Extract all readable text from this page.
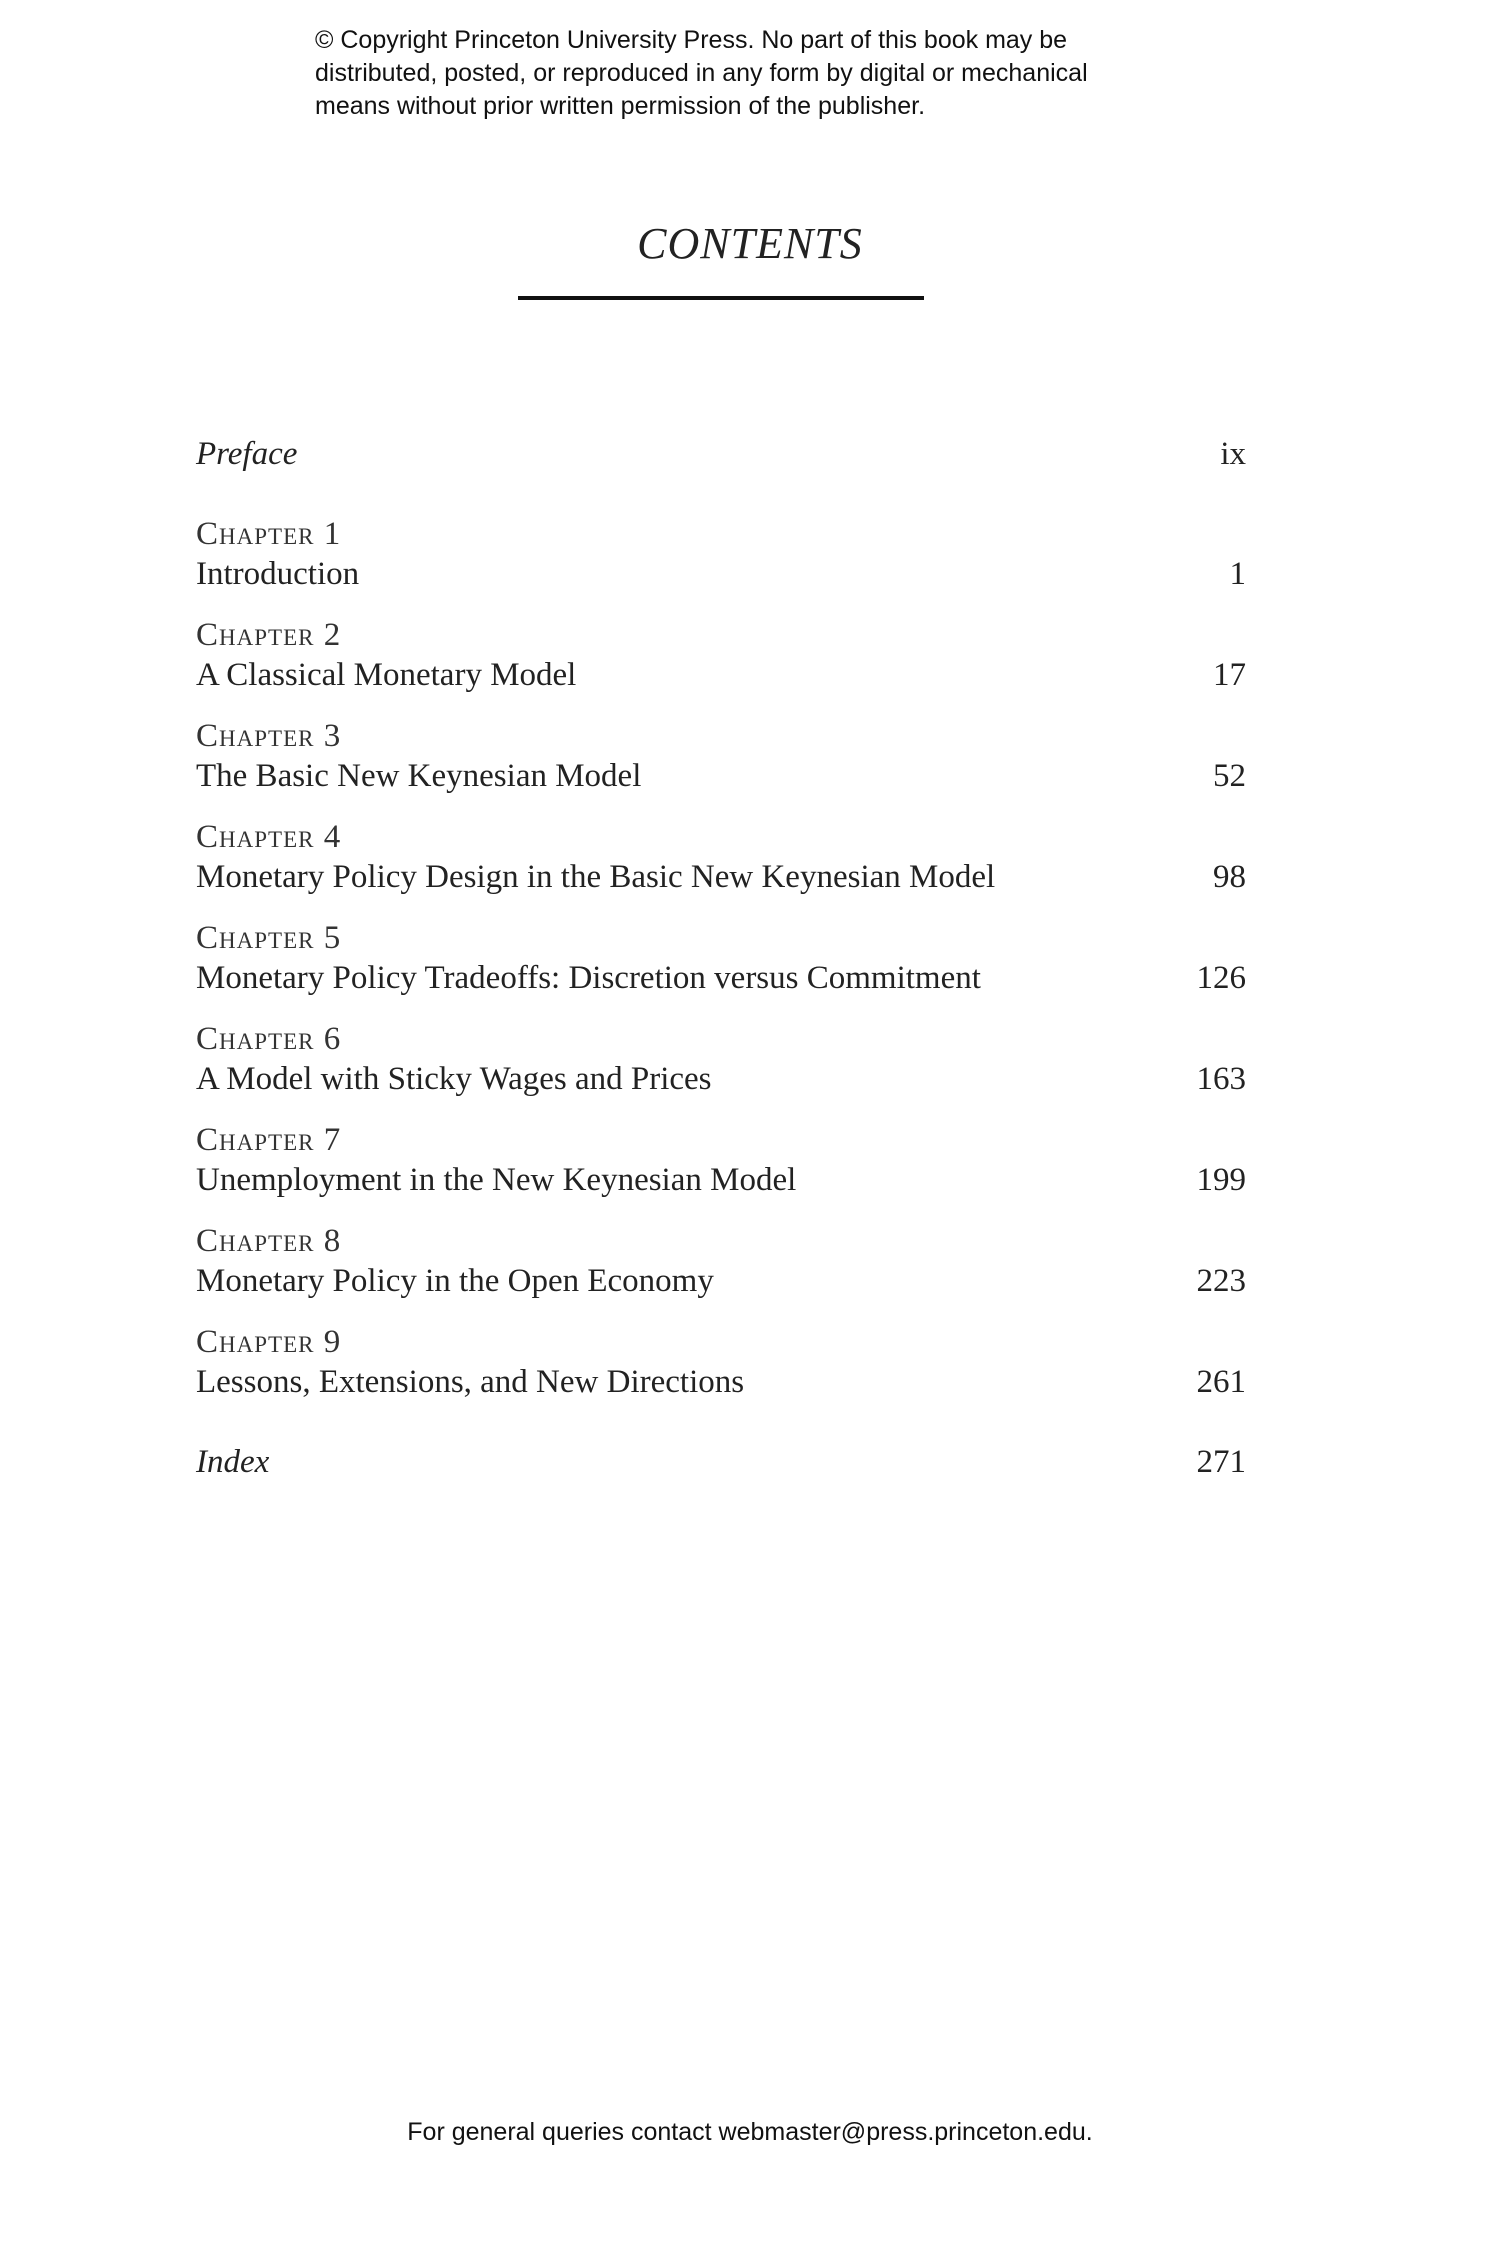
© Copyright Princeton University Press. No part of this book may be
distributed, posted, or reproduced in any form by digital or mechanical
means without prior written permission of the publisher.
CONTENTS
Preface	ix
Chapter 1
Introduction	1
Chapter 2
A Classical Monetary Model	17
Chapter 3
The Basic New Keynesian Model	52
Chapter 4
Monetary Policy Design in the Basic New Keynesian Model	98
Chapter 5
Monetary Policy Tradeoffs: Discretion versus Commitment	126
Chapter 6
A Model with Sticky Wages and Prices	163
Chapter 7
Unemployment in the New Keynesian Model	199
Chapter 8
Monetary Policy in the Open Economy	223
Chapter 9
Lessons, Extensions, and New Directions	261
Index	271
For general queries contact webmaster@press.princeton.edu.
